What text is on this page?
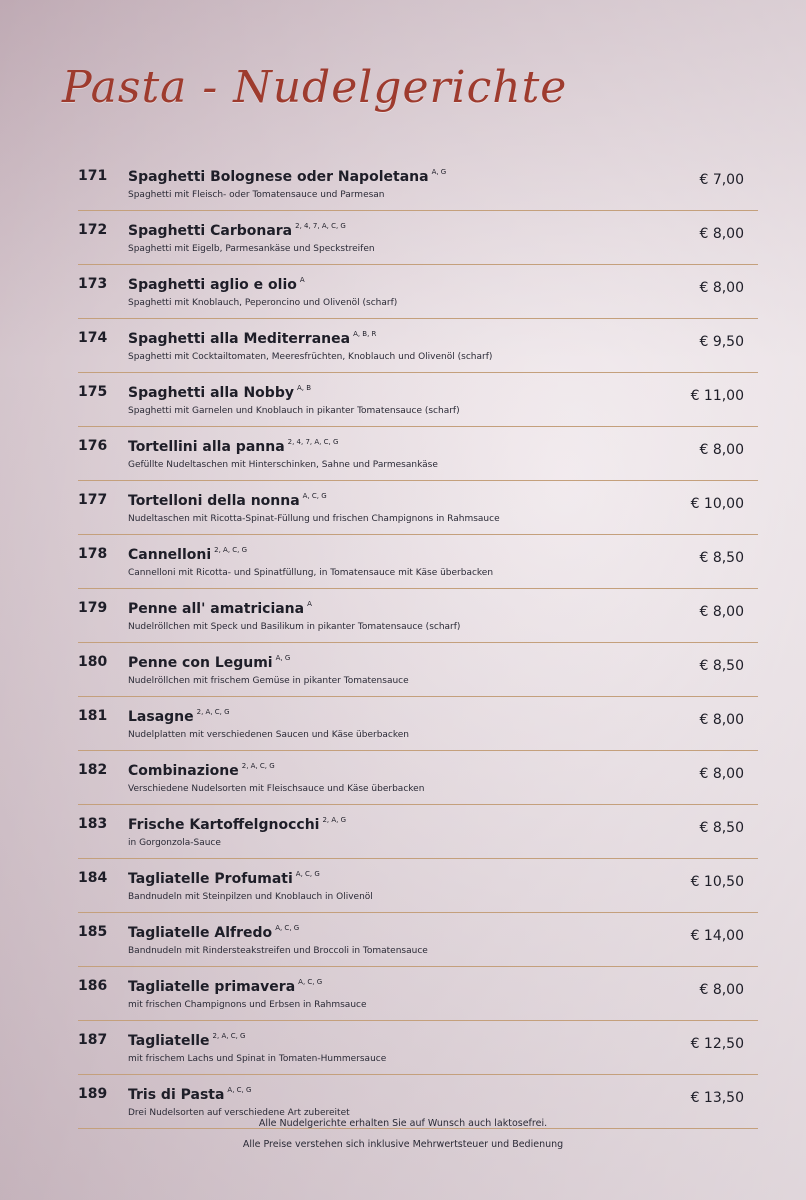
Pasta - Nudelgerichte
171	Spaghetti Bolognese oder Napoletana $^{A, G}$
Spaghetti mit Fleisch- oder Tomatensauce und Parmesan
€ 7,00
172	Spaghetti Carbonara $^{2, 4, 7, A, C, G}$
Spaghetti mit Eigelb, Parmesankäse und Speckstreifen
€ 8,00
173	Spaghetti aglio e olio $^A$
Spaghetti mit Knoblauch, Peperoncino und Olivenöl (scharf)
€ 8,00
174	Spaghetti alla Mediterranea $^{A, B, R}$
Spaghetti mit Cocktailtomaten, Meeresfrüchten, Knoblauch und Olivenöl (scharf)
€ 9,50
175	Spaghetti alla Nobby $^{A, B}$
Spaghetti mit Garnelen und Knoblauch in pikanter Tomatensauce (scharf)
€ 11,00
176	Tortellini alla panna $^{2, 4, 7, A, C, G}$
Gefüllte Nudeltaschen mit Hinterschinken, Sahne und Parmesankäse
€ 8,00
177	Tortelloni della nonna $^{A, C, G}$
Nudeltaschen mit Ricotta-Spinat-Füllung und frischen Champignons in Rahmsauce
€ 10,00
178	Cannelloni $^{2, A, C, G}$
Cannelloni mit Ricotta- und Spinatfüllung, in Tomatensauce mit Käse überbacken
€ 8,50
179	Penne all' amatriciana $^A$
Nudelröllchen mit Speck und Basilikum in pikanter Tomatensauce (scharf)
€ 8,00
180	Penne con Legumi $^{A, G}$
Nudelröllchen mit frischem Gemüse in pikanter Tomatensauce
€ 8,50
181	Lasagne $^{2, A, C, G}$
Nudelplatten mit verschiedenen Saucen und Käse überbacken
€ 8,00
182	Combinazione $^{2, A, C, G}$
Verschiedene Nudelsorten mit Fleischsauce und Käse überbacken
€ 8,00
183	Frische Kartoffelgnocchi $^{2, A, G}$
in Gorgonzola-Sauce
€ 8,50
184	Tagliatelle Profumati $^{A, C, G}$
Bandnudeln mit Steinpilzen und Knoblauch in Olivenöl
€ 10,50
185	Tagliatelle Alfredo $^{A, C, G}$
Bandnudeln mit Rindersteakstreifen und Broccoli in Tomatensauce
€ 14,00
186	Tagliatelle primavera $^{A, C, G}$
mit frischen Champignons und Erbsen in Rahmsauce
€ 8,00
187	Tagliatelle $^{2, A, C, G}$
mit frischem Lachs und Spinat in Tomaten-Hummersauce
€ 12,50
189	Tris di Pasta $^{A, C, G}$
Drei Nudelsorten auf verschiedene Art zubereitet
€ 13,50
Alle Nudelgerichte erhalten Sie auf Wunsch auch laktosefrei.
Alle Preise verstehen sich inklusive Mehrwertsteuer und Bedienung
